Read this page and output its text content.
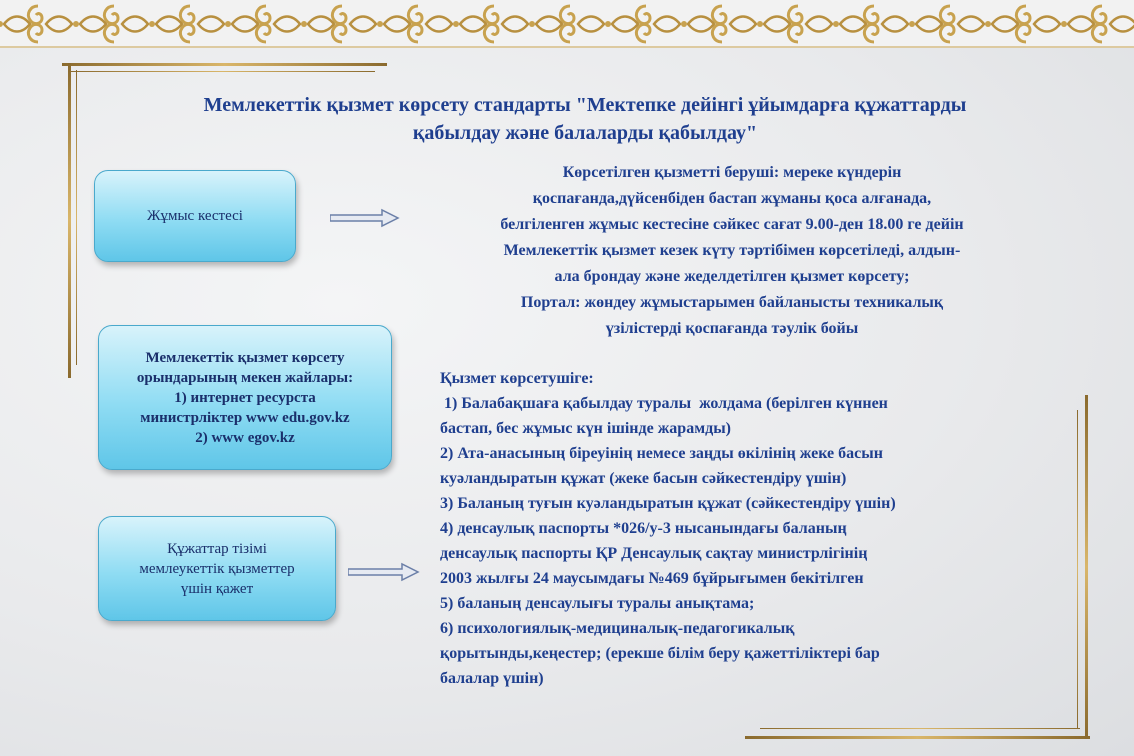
Мемлекеттік қызмет көрсету стандарты "Мектепке дейінгі ұйымдарға құжаттарды
қабылдау және балаларды қабылдау"
Жұмыс кестесі
Көрсетілген қызметті беруші: мереке күндерін
қоспағанда,дүйсенбіден бастап жұманы қоса алғанада,
белгіленген жұмыс кестесіне сәйкес сағат 9.00-ден 18.00 ге дейін
Мемлекеттік қызмет кезек күту тәртібімен көрсетіледі, алдын-
ала брондау және жеделдетілген қызмет көрсету;
Портал: жөндеу жұмыстарымен байланысты техникалық
үзілістерді қоспағанда тәулік бойы
Мемлекеттік қызмет көрсету
орындарының мекен жайлары:
1) интернет ресурста
министрліктер www edu.gov.kz
2) www egov.kz
Құжаттар тізімі
мемлеукеттік қызметтер
үшін қажет
Қызмет көрсетушіге:
1) Балабақшаға қабылдау туралы  жолдама (берілген күннен
бастап, бес жұмыс күн ішінде жарамды)
2) Ата-анасының біреуінің немесе заңды өкілінің жеке басын
куәландыратын құжат (жеке басын сәйкестендіру үшін)
3) Баланың туғын куәландыратын құжат (сәйкестендіру үшін)
4) денсаулық паспорты *026/у-3 нысанындағы баланың
денсаулық паспорты ҚР Денсаулық сақтау министрлігінің
2003 жылғы 24 маусымдағы №469 бұйрығымен бекітілген
5) баланың денсаулығы туралы анықтама;
6) психологиялық-медициналық-педагогикалық
қорытынды,кеңестер; (ерекше білім беру қажеттіліктері бар
балалар үшін)
